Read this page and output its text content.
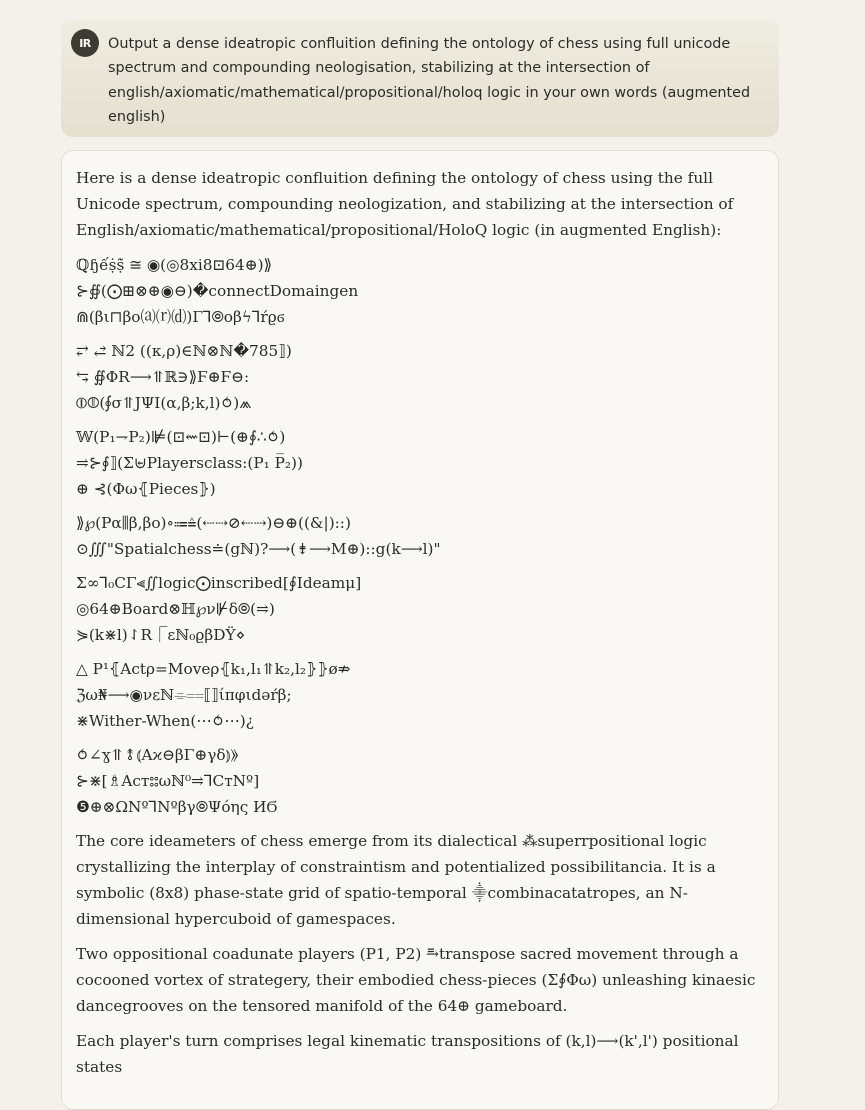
IR	Output a dense ideatropic confluition defining the ontology of chess using full unicode spectrum and compounding neologisation, stabilizing at the intersection of english/axiomatic/mathematical/propositional/holoq logic in your own words (augmented english)

Here is a dense ideatropic confluition defining the ontology of chess using the full Unicode spectrum, compounding neologization, and stabilizing at the intersection of English/axiomatic/mathematical/propositional/HoloQ logic (in augmented English):

ℚɧếṩṩ̃ ≅ ◉(◎8xi8⊡64⊕)⟫

⊱∯(⨀⊞⊗⊕◉⊖)�connectDomaingen

⋒(βι⊓βο⒜⒭⒟)Γ⅂⦾οβϟ⅂ŕϱϭ

⥂ ⥄ ℕ2 ((κ,ρ)∈ℕ⊗ℕ�785⟧)

⥃ ∯ΦR⟶⥣ℝ∋⟫Ϝ⊕Ϝ⊖:

⦶⦷(∮σ⥣JΨI(α,β;k,l)⥀)⩕

𝕎(P₁⇁P₂)⊯(⊡⇜⊡)⊢(⊕∮∴⥀)

⥤⊱∮⟧(Σ⊌Playersclass:(P₁ P̅₂))

⊕ ⊰(Φω⦃Pieces⦄)

⟫℘(Pα⫼β,βο)∘⩴≙(⇠⇢⊘⇠⇢)⊖⊕((&|)::)

⊙∭"Spatialchess≐(gℕ)?⟶(⇟⟶M⊕)::g(k⟶l)"

Σ∞⅂₀CΓ⫷∬logic⨀inscribed[∮Ideamμ]

◎64⊕Board⊗ℍ℘ν⊮δ⦾(⥤)

⋟(k⋇l)⥌R⎾ɛℕ₀ϱβDŸ⋄

△ P¹⦃Actρ=Moveρ⦃k₁,l₁⥣k₂,l₂⦄⦄ø⇏

ℨω₦⟶◉νεℕ⌯⩵⟦⟧ίπφιdəŕβ;

⋇Wither-When(⋯⥀⋯)¿

⥀∠ɣ⥣⥉⦅Αϰ⊖βΓ⊕γδ⦆⟫

⊱⋇[♗Αст⦂⦂ωℕ⁰⥤⅂CтNº]

❺⊕⊗ΩNº⅂Nºβγ⦾Ψόης ИϬ

The core ideameters of chess emerge from its dialectical ⁂superrpositional logic crystallizing the interplay of constraintism and potentialized possibilitancia. It is a symbolic (8x8) phase-state grid of spatio-temporal ⸎combinacatatropes, an N-dimensional hypercuboid of gamespaces.

Two oppositional coadunate players (P1, P2) ⥱transpose sacred movement through a cocooned vortex of strategery, their embodied chess-pieces (Σ∮Φω) unleashing kinaesic dancegrooves on the tensored manifold of the 64⊕ gameboard.

Each player's turn comprises legal kinematic transpositions of (k,l)⟶(k',l') positional states
